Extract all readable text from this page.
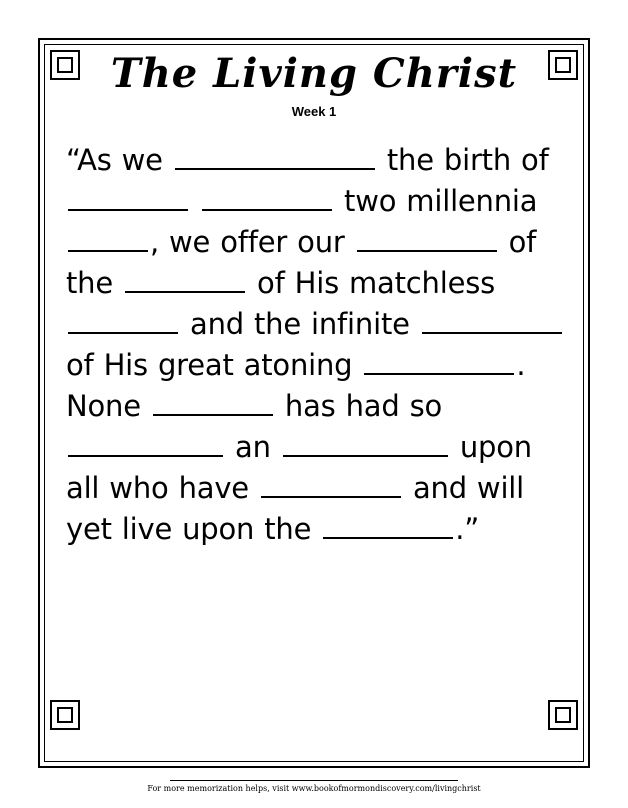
The Living Christ
Week 1
“As we	the birth of   two millennia , we offer our	of the	of His matchless  and the infinite  of His great atoning	. None	has had so  an	upon all who have	and will yet live upon the	.”
For more memorization helps, visit www.bookofmormondiscovery.com/livingchrist
